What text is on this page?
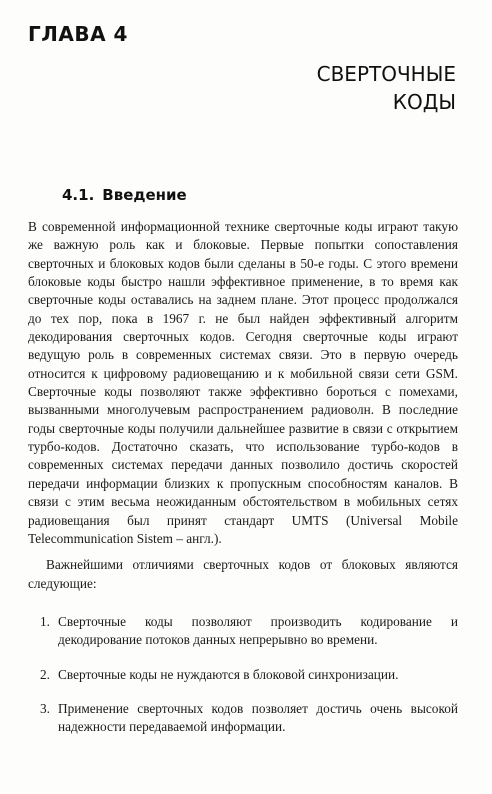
ГЛАВА 4
СВЕРТОЧНЫЕ
КОДЫ
4.1. Введение

В современной информационной технике сверточные коды играют такую же важную роль как и блоковые. Первые попытки сопоставления сверточных и блоковых кодов были сделаны в 50-е годы. С этого времени блоковые коды быстро нашли эффективное применение, в то время как сверточные коды оставались на заднем плане. Этот процесс продолжался до тех пор, пока в 1967 г. не был найден эффективный алгоритм декодирования сверточных кодов. Сегодня сверточные коды играют ведущую роль в современных системах связи. Это в первую очередь относится к цифровому радиовещанию и к мобильной связи сети GSM. Сверточные коды позволяют также эффективно бороться с помехами, вызванными многолучевым распространением радиоволн. В последние годы сверточные коды получили дальнейшее развитие в связи с открытием турбо-кодов. Достаточно сказать, что использование турбо-кодов в современных системах передачи данных позволило достичь скоростей передачи информации близких к пропускным способностям каналов. В связи с этим весьма неожиданным обстоятельством в мобильных сетях радиовещания был принят стандарт UMTS (Universal Mobile Telecommunication Sistem – англ.).

Важнейшими отличиями сверточных кодов от блоковых являются следующие:

1. Сверточные коды позволяют производить кодирование и декодирование потоков данных непрерывно во времени.
2. Сверточные коды не нуждаются в блоковой синхронизации.
3. Применение сверточных кодов позволяет достичь очень высокой надежности передаваемой информации.
